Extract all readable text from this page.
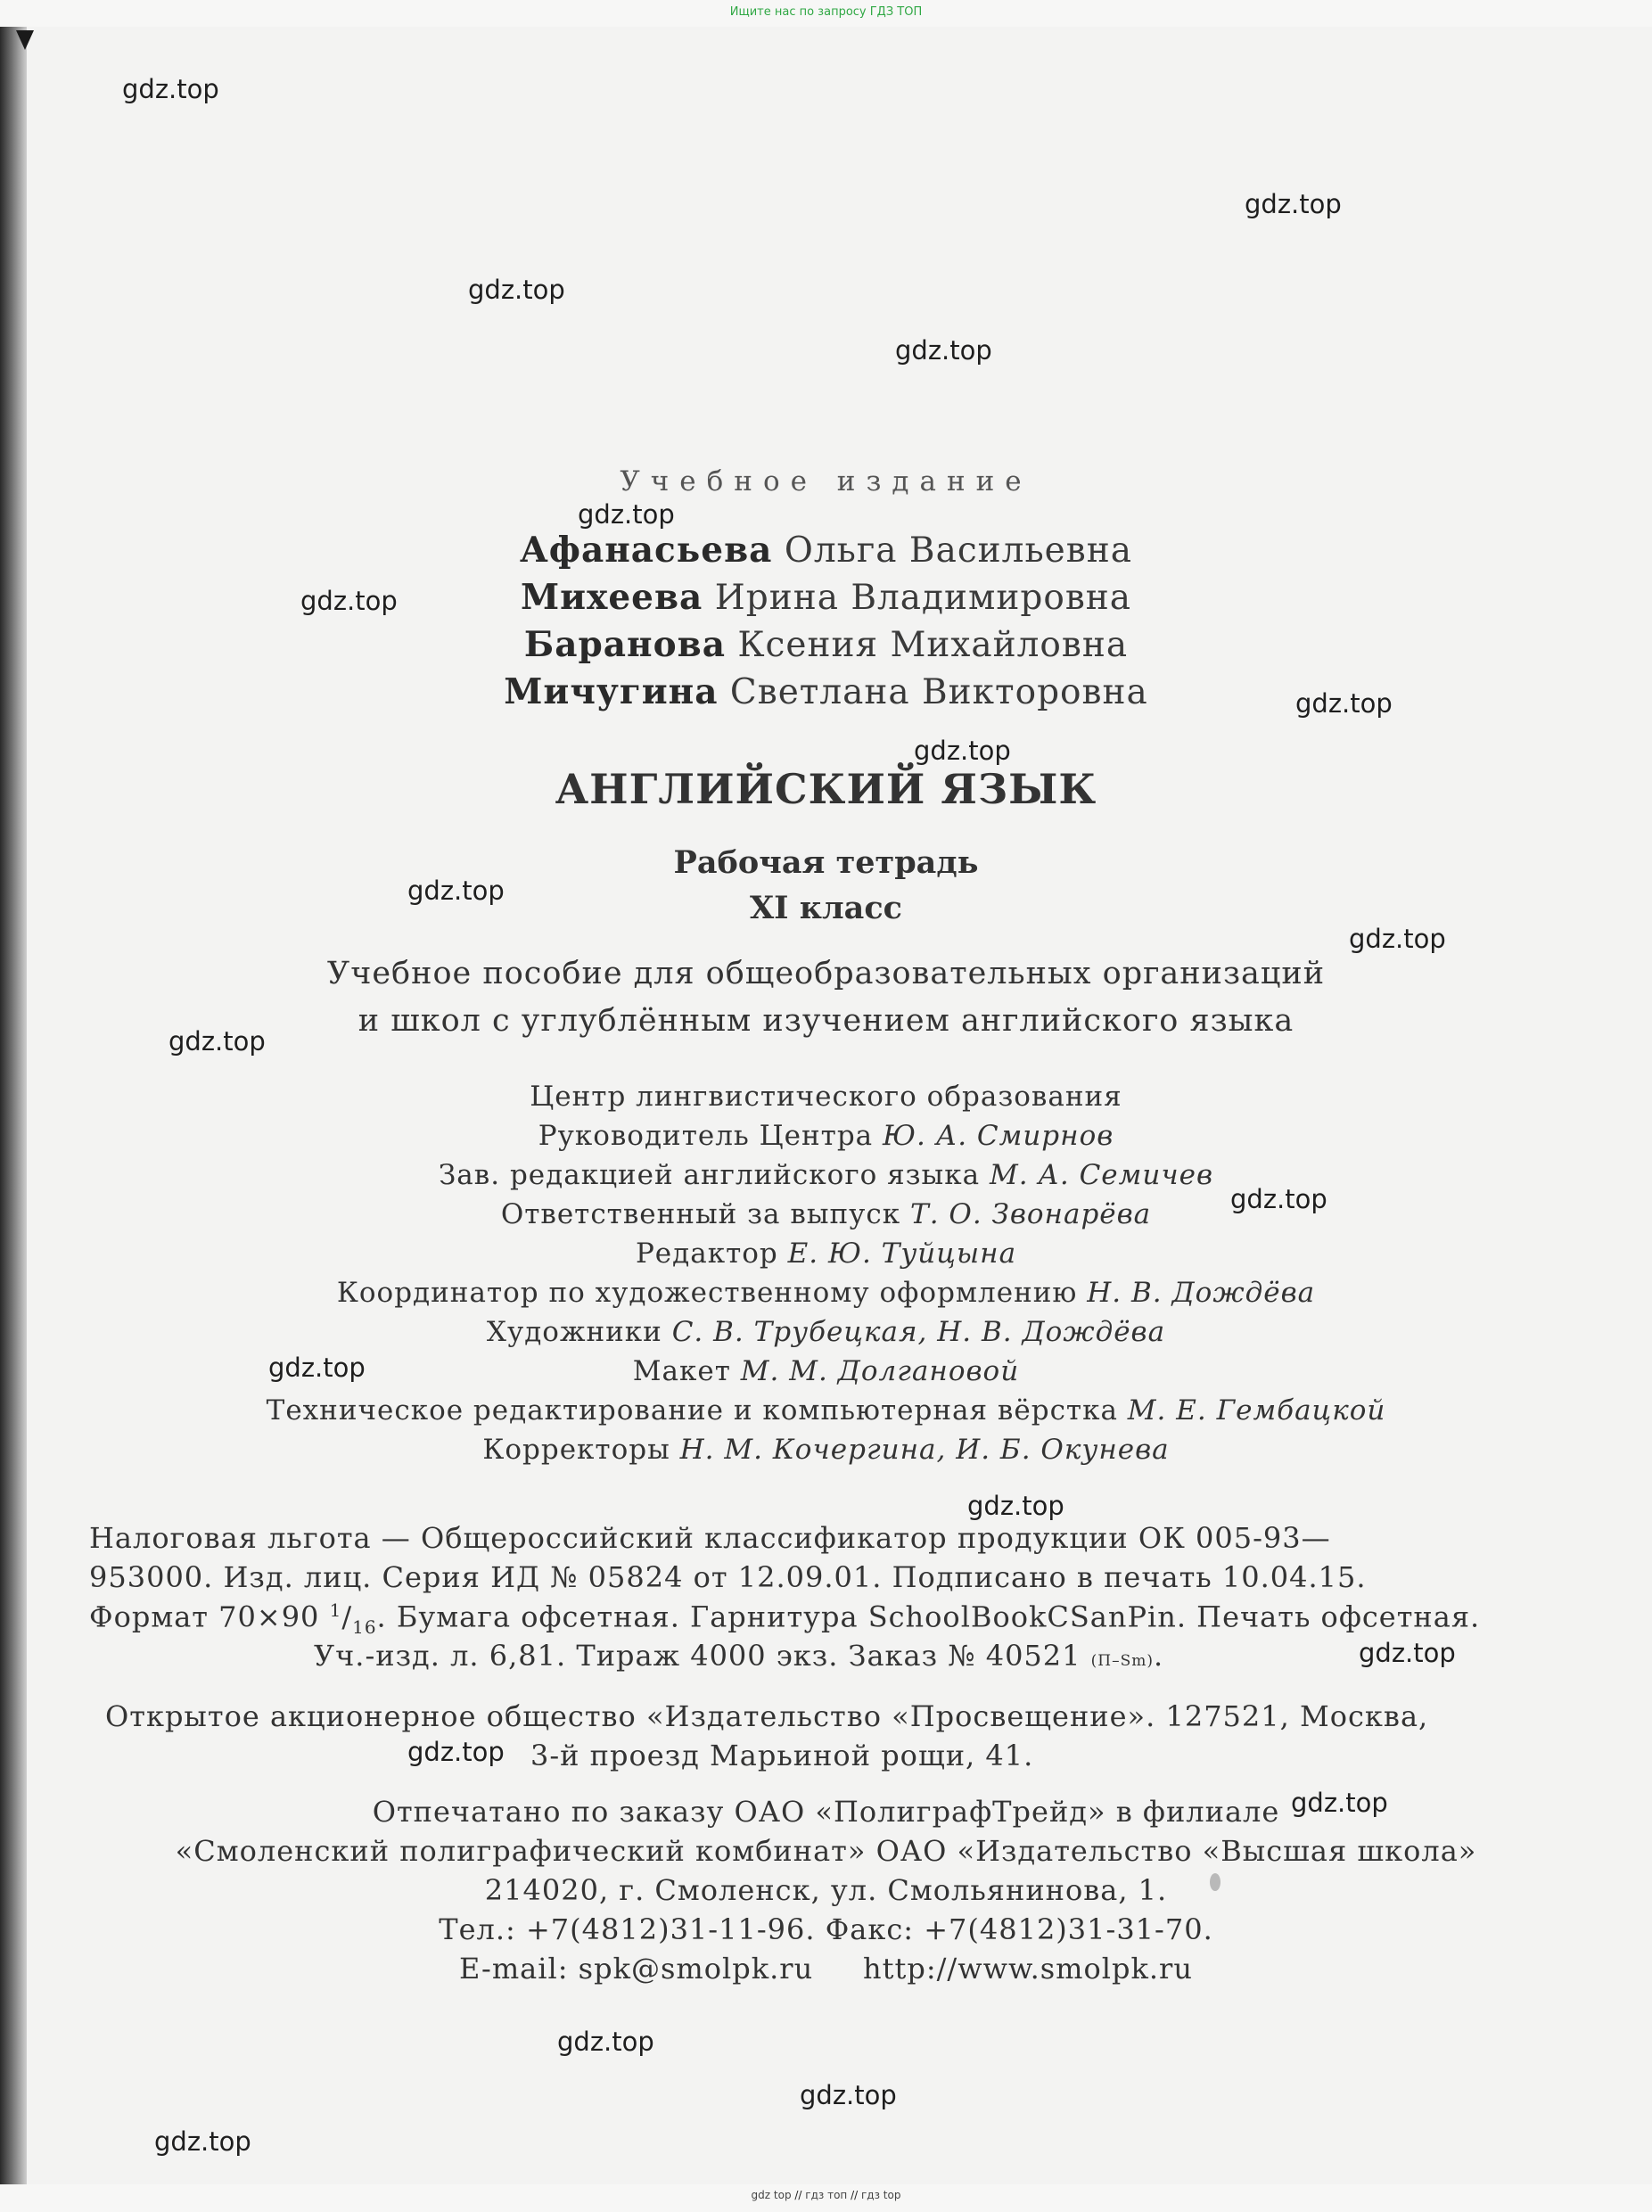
Ищите нас по запросу ГДЗ ТОП
gdz.top
gdz.top
gdz.top
gdz.top
gdz.top
gdz.top
gdz.top
gdz.top
gdz.top
gdz.top
gdz.top
gdz.top
gdz.top
gdz.top
gdz.top
gdz.top
gdz.top
gdz.top
gdz.top
gdz.top
Учебное издание
Афанасьева Ольга Васильевна
Михеева Ирина Владимировна
Баранова Ксения Михайловна
Мичугина Светлана Викторовна
АНГЛИЙСКИЙ ЯЗЫК
Рабочая тетрадь
XI класс
Учебное пособие для общеобразовательных организаций
и школ с углублённым изучением английского языка
Центр лингвистического образования
Руководитель Центра Ю. А. Смирнов
Зав. редакцией английского языка М. А. Семичев
Ответственный за выпуск Т. О. Звонарёва
Редактор Е. Ю. Туйцына
Координатор по художественному оформлению Н. В. Дождёва
Художники С. В. Трубецкая, Н. В. Дождёва
Макет М. М. Долгановой
Техническое редактирование и компьютерная вёрстка М. Е. Гембацкой
Корректоры Н. М. Кочергина, И. Б. Окунева
Налоговая льгота — Общероссийский классификатор продукции ОК 005-93—
953000. Изд. лиц. Серия ИД № 05824 от 12.09.01. Подписано в печать 10.04.15.
Формат 70×90 $^1/_{16}$. Бумага офсетная. Гарнитура SchoolBookCSanPin. Печать офсетная.
Уч.-изд. л. 6,81. Тираж 4000 экз. Заказ № 40521 (П–Sm).
Открытое акционерное общество «Издательство «Просвещение». 127521, Москва,
3-й проезд Марьиной рощи, 41.
Отпечатано по заказу ОАО «ПолиграфТрейд» в филиале
«Смоленский полиграфический комбинат» ОАО «Издательство «Высшая школа»
214020, г. Смоленск, ул. Смольянинова, 1.
Тел.: +7(4812)31-11-96. Факс: +7(4812)31-31-70.
E-mail: spk@smolpk.ru     http://www.smolpk.ru
gdz top // гдз топ // гдз top
